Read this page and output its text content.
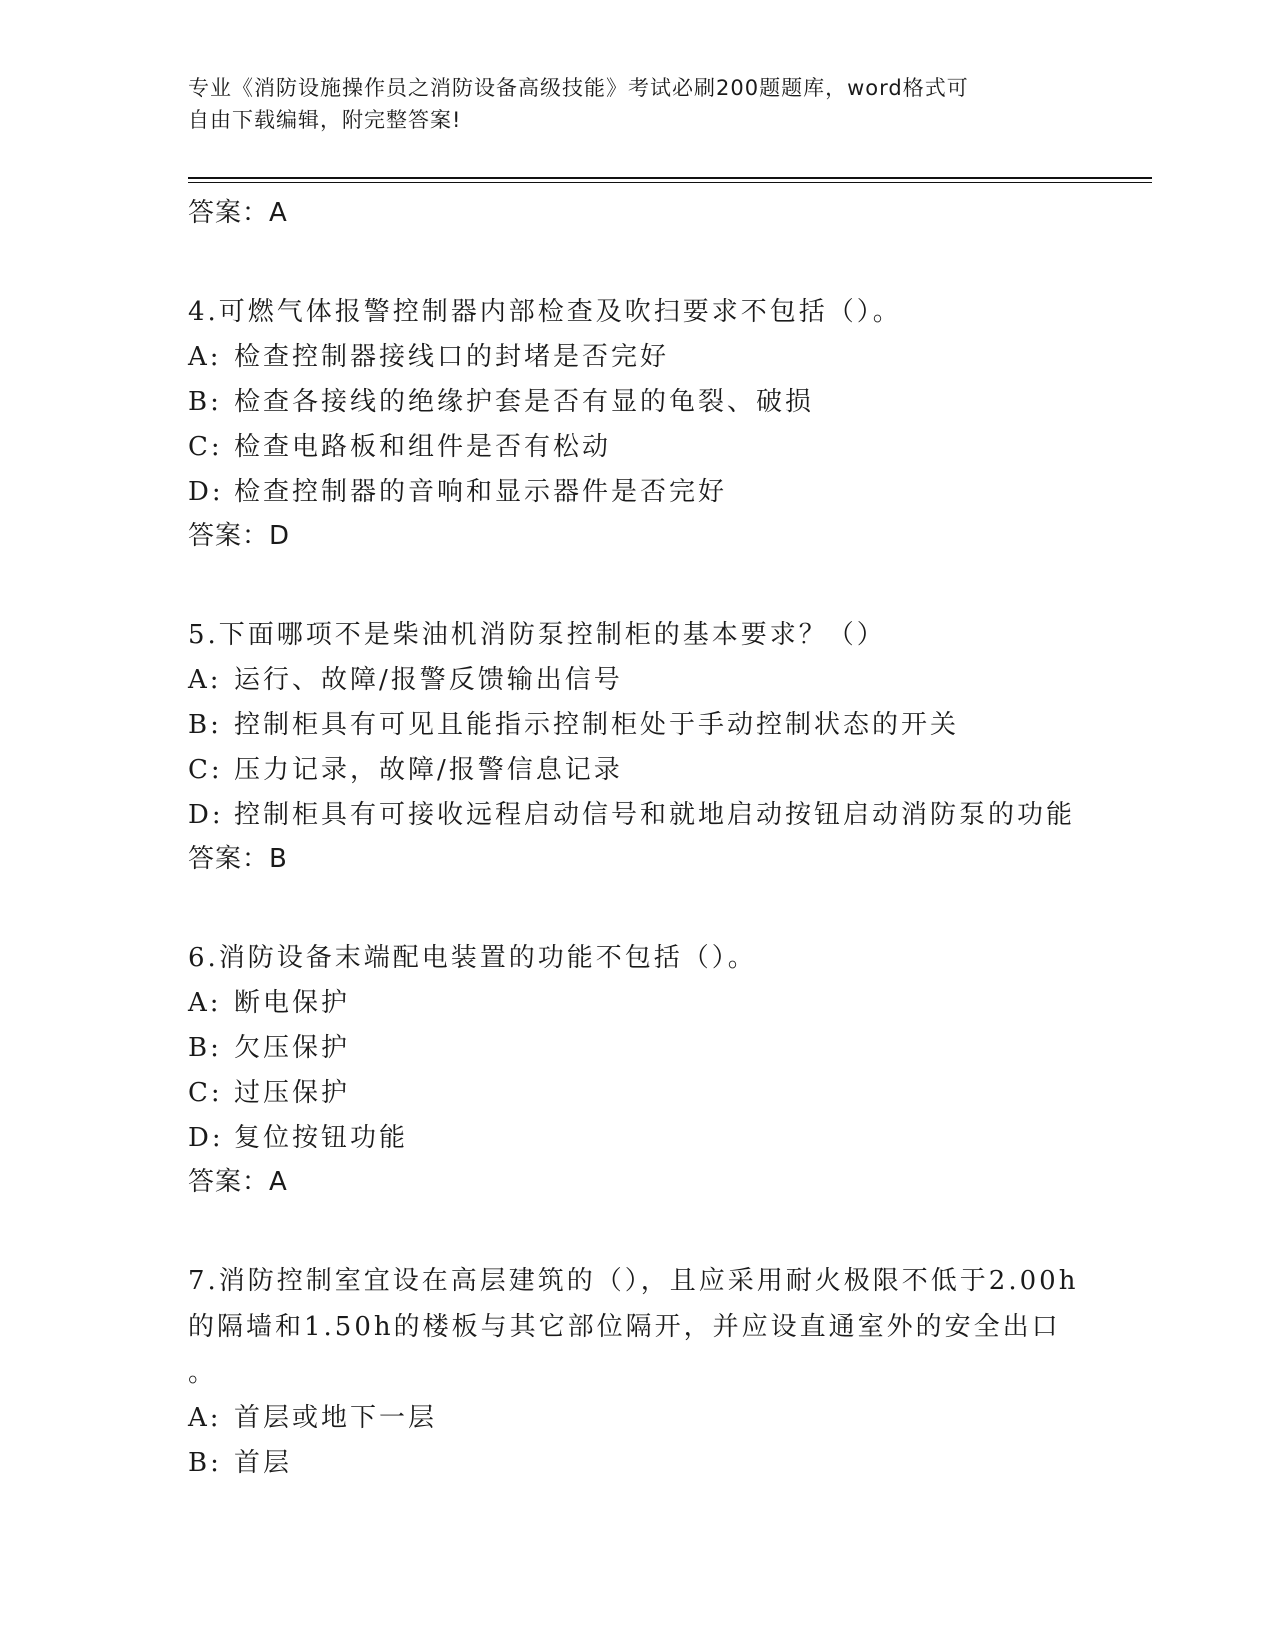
专业《消防设施操作员之消防设备高级技能》考试必刷200题题库，word格式可
自由下载编辑，附完整答案!
答案：A
4.可燃气体报警控制器内部检查及吹扫要求不包括（）。
A: 检查控制器接线口的封堵是否完好
B: 检查各接线的绝缘护套是否有显的龟裂、破损
C: 检查电路板和组件是否有松动
D: 检查控制器的音响和显示器件是否完好
答案：D
5.下面哪项不是柴油机消防泵控制柜的基本要求？（）
A: 运行、故障/报警反馈输出信号
B: 控制柜具有可见且能指示控制柜处于手动控制状态的开关
C: 压力记录，故障/报警信息记录
D: 控制柜具有可接收远程启动信号和就地启动按钮启动消防泵的功能
答案：B
6.消防设备末端配电装置的功能不包括（）。
A: 断电保护
B: 欠压保护
C: 过压保护
D: 复位按钮功能
答案：A
7.消防控制室宜设在高层建筑的（），且应采用耐火极限不低于2.00h
的隔墙和1.50h的楼板与其它部位隔开，并应设直通室外的安全出口
。
A: 首层或地下一层
B: 首层
